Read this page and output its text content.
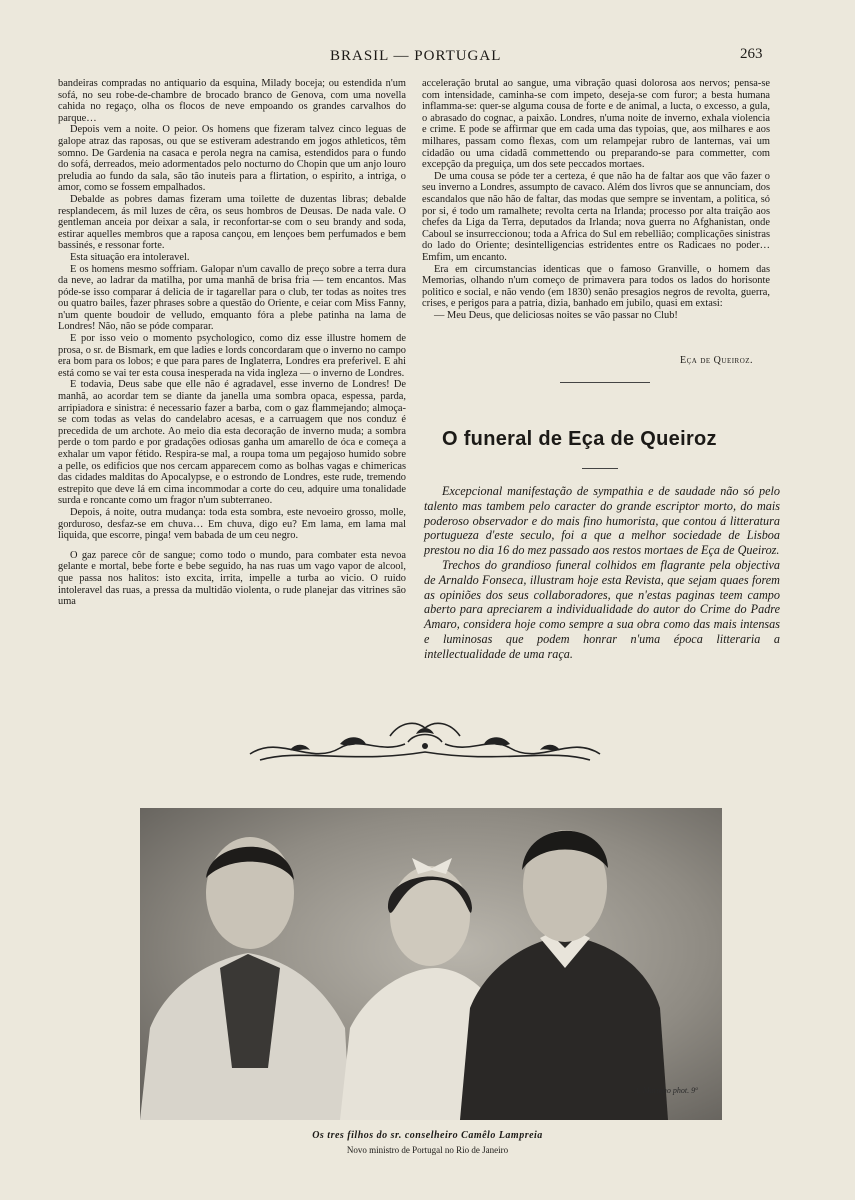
BRASIL — PORTUGAL	263

bandeiras compradas no antiquario da esquina, Milady boceja; ou estendida n'um sofá, no seu robe-de-chambre de brocado branco de Genova, com uma novella cahida no regaço, olha os flocos de neve empoando os grandes carvalhos do parque…

Depois vem a noite. O peior. Os homens que fizeram talvez cinco leguas de galope atraz das raposas, ou que se estiveram adestrando em jogos athleticos, têm somno. De Gardenia na casaca e perola negra na camisa, estendidos para o fundo do sofá, derreados, meio adormentados pelo nocturno do Chopin que um anjo louro preludia ao fundo da sala, são tão inuteis para a flirtation, o espirito, a intriga, o amor, como se fossem empalhados.

Debalde as pobres damas fizeram uma toilette de duzentas libras; debalde resplandecem, ás mil luzes de cêra, os seus hombros de Deusas. De nada vale. O gentleman anceia por deixar a sala, ir reconfortar-se com o seu brandy and soda, estirar aquelles membros que a raposa cançou, em lençoes bem perfumados e bem bassinés, e ressonar forte.

Esta situação era intoleravel.

E os homens mesmo soffriam. Galopar n'um cavallo de preço sobre a terra dura da neve, ao ladrar da matilha, por uma manhã de brisa fria — tem encantos. Mas póde-se isso comparar á delicia de ir tagarellar para o club, ter todas as noites tres ou quatro bailes, fazer phrases sobre a questão do Oriente, e ceiar com Miss Fanny, n'um quente boudoir de velludo, emquanto fóra a plebe patinha na lama de Londres! Não, não se póde comparar.

E por isso veio o momento psychologico, como diz esse illustre homem de prosa, o sr. de Bismark, em que ladies e lords concordaram que o inverno no campo era bom para os lobos; e que para pares de Inglaterra, Londres era preferivel. E ahi está como se vai ter esta cousa inesperada na vida ingleza — o inverno de Londres.

E todavia, Deus sabe que elle não é agradavel, esse inverno de Londres! De manhã, ao acordar tem se diante da janella uma sombra opaca, espessa, parda, arripiadora e sinistra: é necessario fazer a barba, com o gaz flammejando; almoça-se com todas as velas do candelabro acesas, e a carruagem que nos conduz é precedida de um archote. Ao meio dia esta decoração de inverno muda; a sombra perde o tom pardo e por gradações odiosas ganha um amarello de óca e começa a exhalar um vapor fétido. Respira-se mal, a roupa toma um pegajoso humido sobre a pelle, os edificios que nos cercam apparecem como as bolhas vagas e chimericas das cidades malditas do Apocalypse, e o estrondo de Londres, este rude, tremendo estrepito que deve lá em cima incommodar a corte do ceu, adquire uma tonalidade surda e roncante como um fragor n'um subterraneo.

Depois, á noite, outra mudança: toda esta sombra, este nevoeiro grosso, molle, gorduroso, desfaz-se em chuva… Em chuva, digo eu? Em lama, em lama mal liquida, que escorre, pinga! vem babada de um ceu negro.

O gaz parece côr de sangue; como todo o mundo, para combater esta nevoa gelante e mortal, bebe forte e bebe seguido, ha nas ruas um vago vapor de alcool, que passa nos halitos: isto excita, irrita, impelle a turba ao vicio. O ruido intoleravel das ruas, a pressa da multidão violenta, o rude planejar das vitrines são uma

acceleração brutal ao sangue, uma vibração quasi dolorosa aos nervos; pensa-se com intensidade, caminha-se com impeto, deseja-se com furor; a besta humana inflamma-se: quer-se alguma cousa de forte e de animal, a lucta, o excesso, a gula, o abrasado do cognac, a paixão. Londres, n'uma noite de inverno, exhala violencia e crime. E pode se affirmar que em cada uma das typoias, que, aos milhares e aos milhares, passam como flexas, com um relampejar rubro de lanternas, vai um cidadão ou uma cidadã commettendo ou preparando-se para commetter, com excepção da preguiça, um dos sete peccados mortaes.

De uma cousa se póde ter a certeza, é que não ha de faltar aos que vão fazer o seu inverno a Londres, assumpto de cavaco. Além dos livros que se annunciam, dos escandalos que não hão de faltar, das modas que sempre se inventam, a politica, só por si, é todo um ramalhete; revolta certa na Irlanda; processo por alta traição aos chefes da Liga da Terra, deputados da Irlanda; nova guerra no Afghanistan, onde Caboul se insurreccionou; toda a Africa do Sul em rebellião; complicações sinistras do lado do Oriente; desintelligencias estridentes entre os Radicaes no poder… Emfim, um encanto.

Era em circumstancias identicas que o famoso Granville, o homem das Memorias, olhando n'um começo de primavera para todos os lados do horisonte politico e social, e não vendo (em 1830) senão presagios negros de revolta, guerra, crises, e perigos para a patria, dizia, banhado em jubilo, quasi em extasi:

— Meu Deus, que deliciosas noites se vão passar no Club!

Eça de Queiroz.
O funeral de Eça de Queiroz

Excepcional manifestação de sympathia e de saudade não só pelo talento mas tambem pelo caracter do grande escriptor morto, do mais poderoso observador e do mais fino humorista, que contou á litteratura portugueza d'este seculo, foi a que a melhor sociedade de Lisboa prestou no dia 16 do mez passado aos restos mortaes de Eça de Queiroz.

Trechos do grandioso funeral colhidos em flagrante pela objectiva de Arnaldo Fonseca, illustram hoje esta Revista, que sejam quaes forem as opiniões dos seus collaboradores, que n'estas paginas teem campo aberto para apreciarem a individualidade do autor do Crime do Padre Amaro, considera hoje como sempre a sua obra como das mais intensas e luminosas que podem honrar n'uma época litteraria a intellectualidade de uma raça.

A. Marinho phot. 9ª
Os tres filhos do sr. conselheiro Camêlo Lampreia
Novo ministro de Portugal no Rio de Janeiro
